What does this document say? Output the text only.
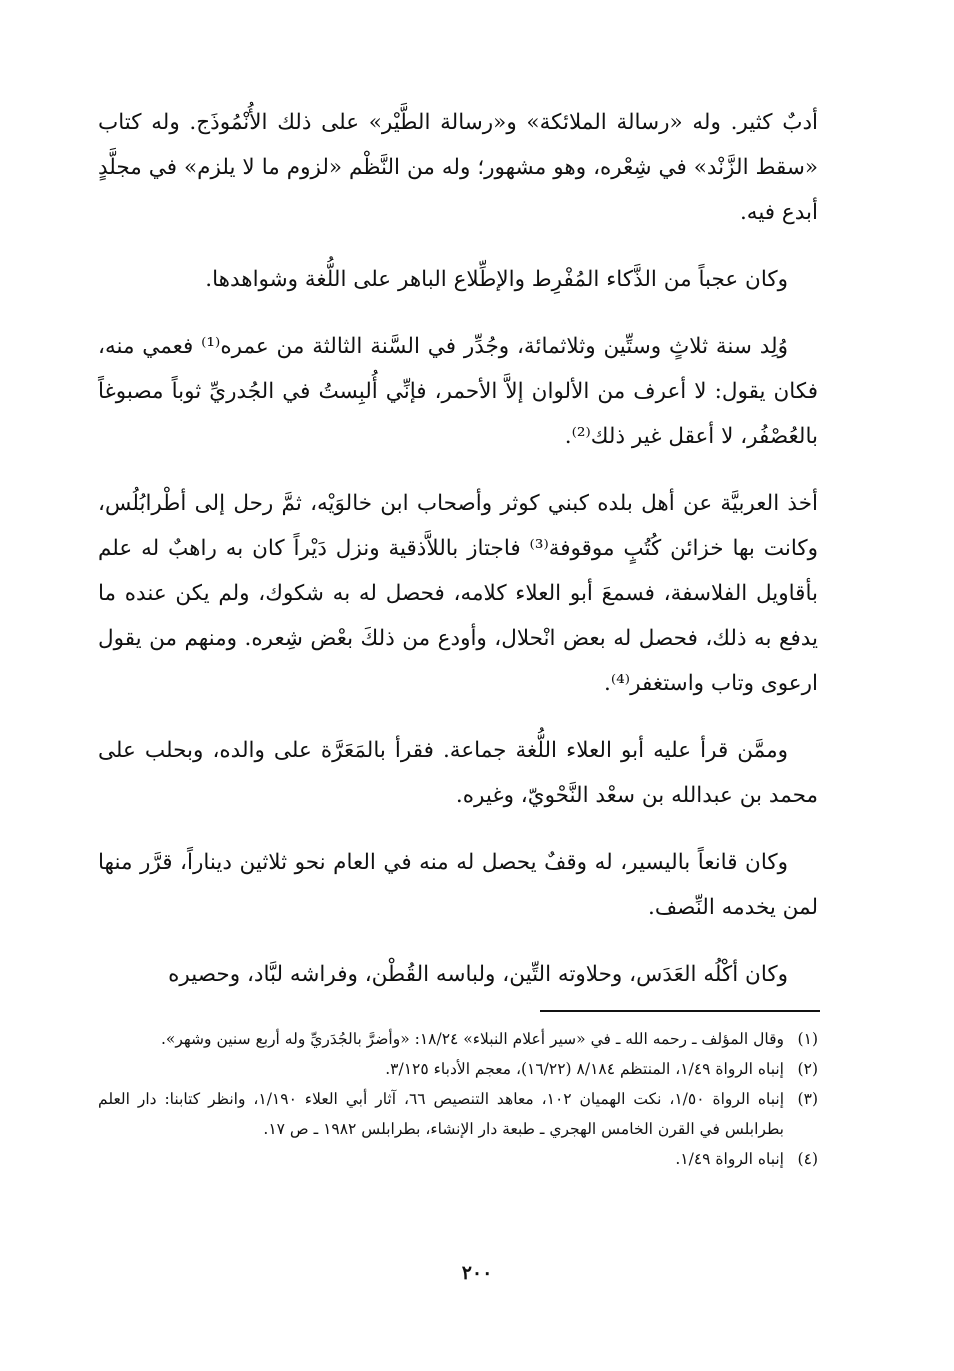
أدبٌ كثير. وله «رسالة الملائكة» و«رسالة الطَّيْر» على ذلك الأُنْمُوذَج. وله كتاب «سقط الزَّنْد» في شِعْره، وهو مشهور؛ وله من النَّظْم «لزوم ما لا يلزم» في مجلَّدٍ أبدع فيه.

وكان عجباً من الذَّكاء المُفْرِط والإطِّلاع الباهر على اللُّغة وشواهدها.

وُلِد سنة ثلاثٍ وستِّين وثلاثمائة، وجُدِّر في السَّنة الثالثة من عمره⁽¹⁾ فعمي منه، فكان يقول: لا أعرف من الألوان إلاَّ الأحمر، فإنِّي أُلبِستُ في الجُدريِّ ثوباً مصبوغاً بالعُصْفُر، لا أعقل غير ذلك⁽²⁾.

أخذ العربيَّة عن أهل بلده كبني كوثر وأصحاب ابن خالوَيْه، ثمَّ رحل إلى أطْرابُلُس، وكانت بها خزائن كُتُبٍ موقوفة⁽³⁾ فاجتاز باللاَّذقية ونزل دَيْراً كان به راهبٌ له علم بأقاويل الفلاسفة، فسمعَ أبو العلاء كلامه، فحصل له به شكوك، ولم يكن عنده ما يدفع به ذلك، فحصل له بعض انْحلال، وأودع من ذلكَ بعْض شِعره. ومنهم من يقول ارعوى وتاب واستغفر⁽⁴⁾.

وممَّن قرأ عليه أبو العلاء اللُّغة جماعة. فقرأ بالمَعَرَّة على والده، وبحلب على محمد بن عبدالله بن سعْد النَّحْويّ، وغيره.

وكان قانعاً باليسير، له وقفٌ يحصل له منه في العام نحو ثلاثين ديناراً، قرَّر منها لمن يخدمه النِّصف.

وكان أكْلُه العَدَس، وحلاوته التِّين، ولباسه القُطْن، وفراشه لبَّاد، وحصيره

(١)
وقال المؤلف ـ رحمه الله ـ في «سير أعلام النبلاء» ١٨/٢٤: «وأضرَّ بالجُدَريِّ وله أربع سنين وشهر».
(٢)
إنباه الرواة ١/٤٩، المنتظم ٨/١٨٤ (١٦/٢٢)، معجم الأدباء ٣/١٢٥.
(٣)
إنباه الرواة ١/٥٠، نكت الهميان ١٠٢، معاهد التنصيص ٦٦، آثار أبي العلاء ١/١٩٠، وانظر كتابنا: دار العلم بطرابلس في القرن الخامس الهجري ـ طبعة دار الإنشاء، بطرابلس ١٩٨٢ ـ ص ١٧.
(٤)
إنباه الرواة ١/٤٩.
٢٠٠
